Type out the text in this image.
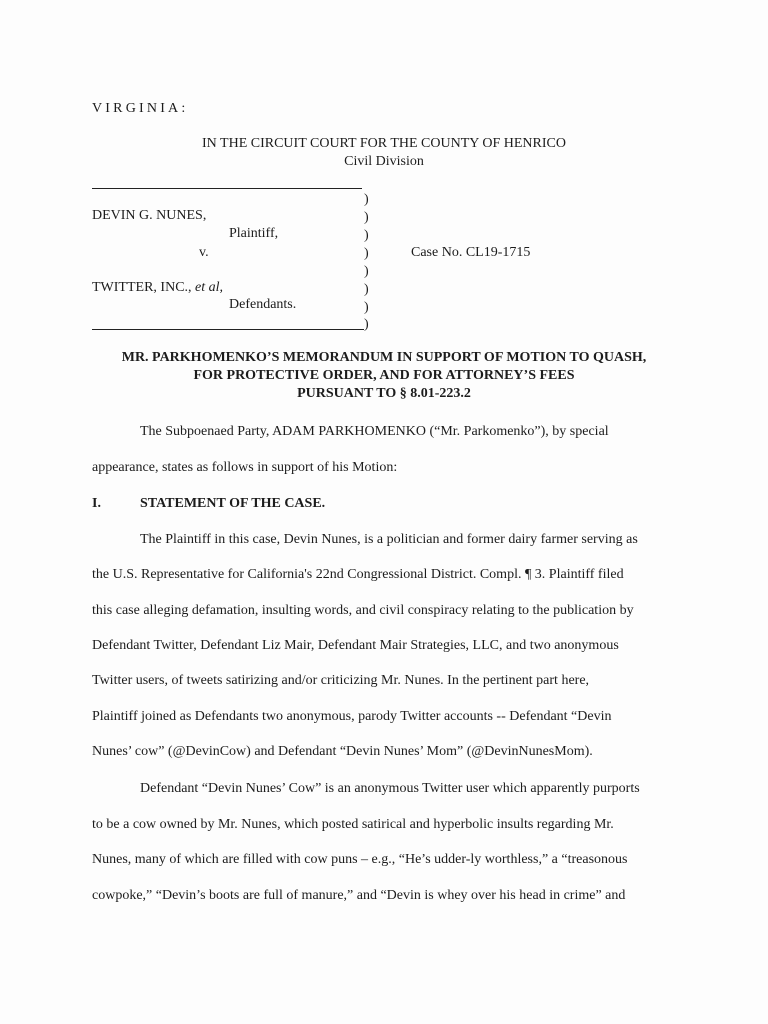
VIRGINIA:
IN THE CIRCUIT COURT FOR THE COUNTY OF HENRICO
Civil Division
)
)
)
)
)
)
)
)
DEVIN G. NUNES,
Plaintiff,
v.	Case No. CL19-1715
TWITTER, INC., et al,
Defendants.
MR. PARKHOMENKO’S MEMORANDUM IN SUPPORT OF MOTION TO QUASH,
FOR PROTECTIVE ORDER, AND FOR ATTORNEY’S FEES
PURSUANT TO § 8.01-223.2
The Subpoenaed Party, ADAM PARKHOMENKO (“Mr. Parkomenko”), by special
appearance, states as follows in support of his Motion:
I.	STATEMENT OF THE CASE.
The Plaintiff in this case, Devin Nunes, is a politician and former dairy farmer serving as
the U.S. Representative for California's 22nd Congressional District. Compl. ¶ 3. Plaintiff filed
this case alleging defamation, insulting words, and civil conspiracy relating to the publication by
Defendant Twitter, Defendant Liz Mair, Defendant Mair Strategies, LLC, and two anonymous
Twitter users, of tweets satirizing and/or criticizing Mr. Nunes. In the pertinent part here,
Plaintiff joined as Defendants two anonymous, parody Twitter accounts -- Defendant “Devin
Nunes’ cow” (@DevinCow) and Defendant “Devin Nunes’ Mom” (@DevinNunesMom).
Defendant “Devin Nunes’ Cow” is an anonymous Twitter user which apparently purports
to be a cow owned by Mr. Nunes, which posted satirical and hyperbolic insults regarding Mr.
Nunes, many of which are filled with cow puns – e.g., “He’s udder-ly worthless,” a “treasonous
cowpoke,” “Devin’s boots are full of manure,” and “Devin is whey over his head in crime” and
